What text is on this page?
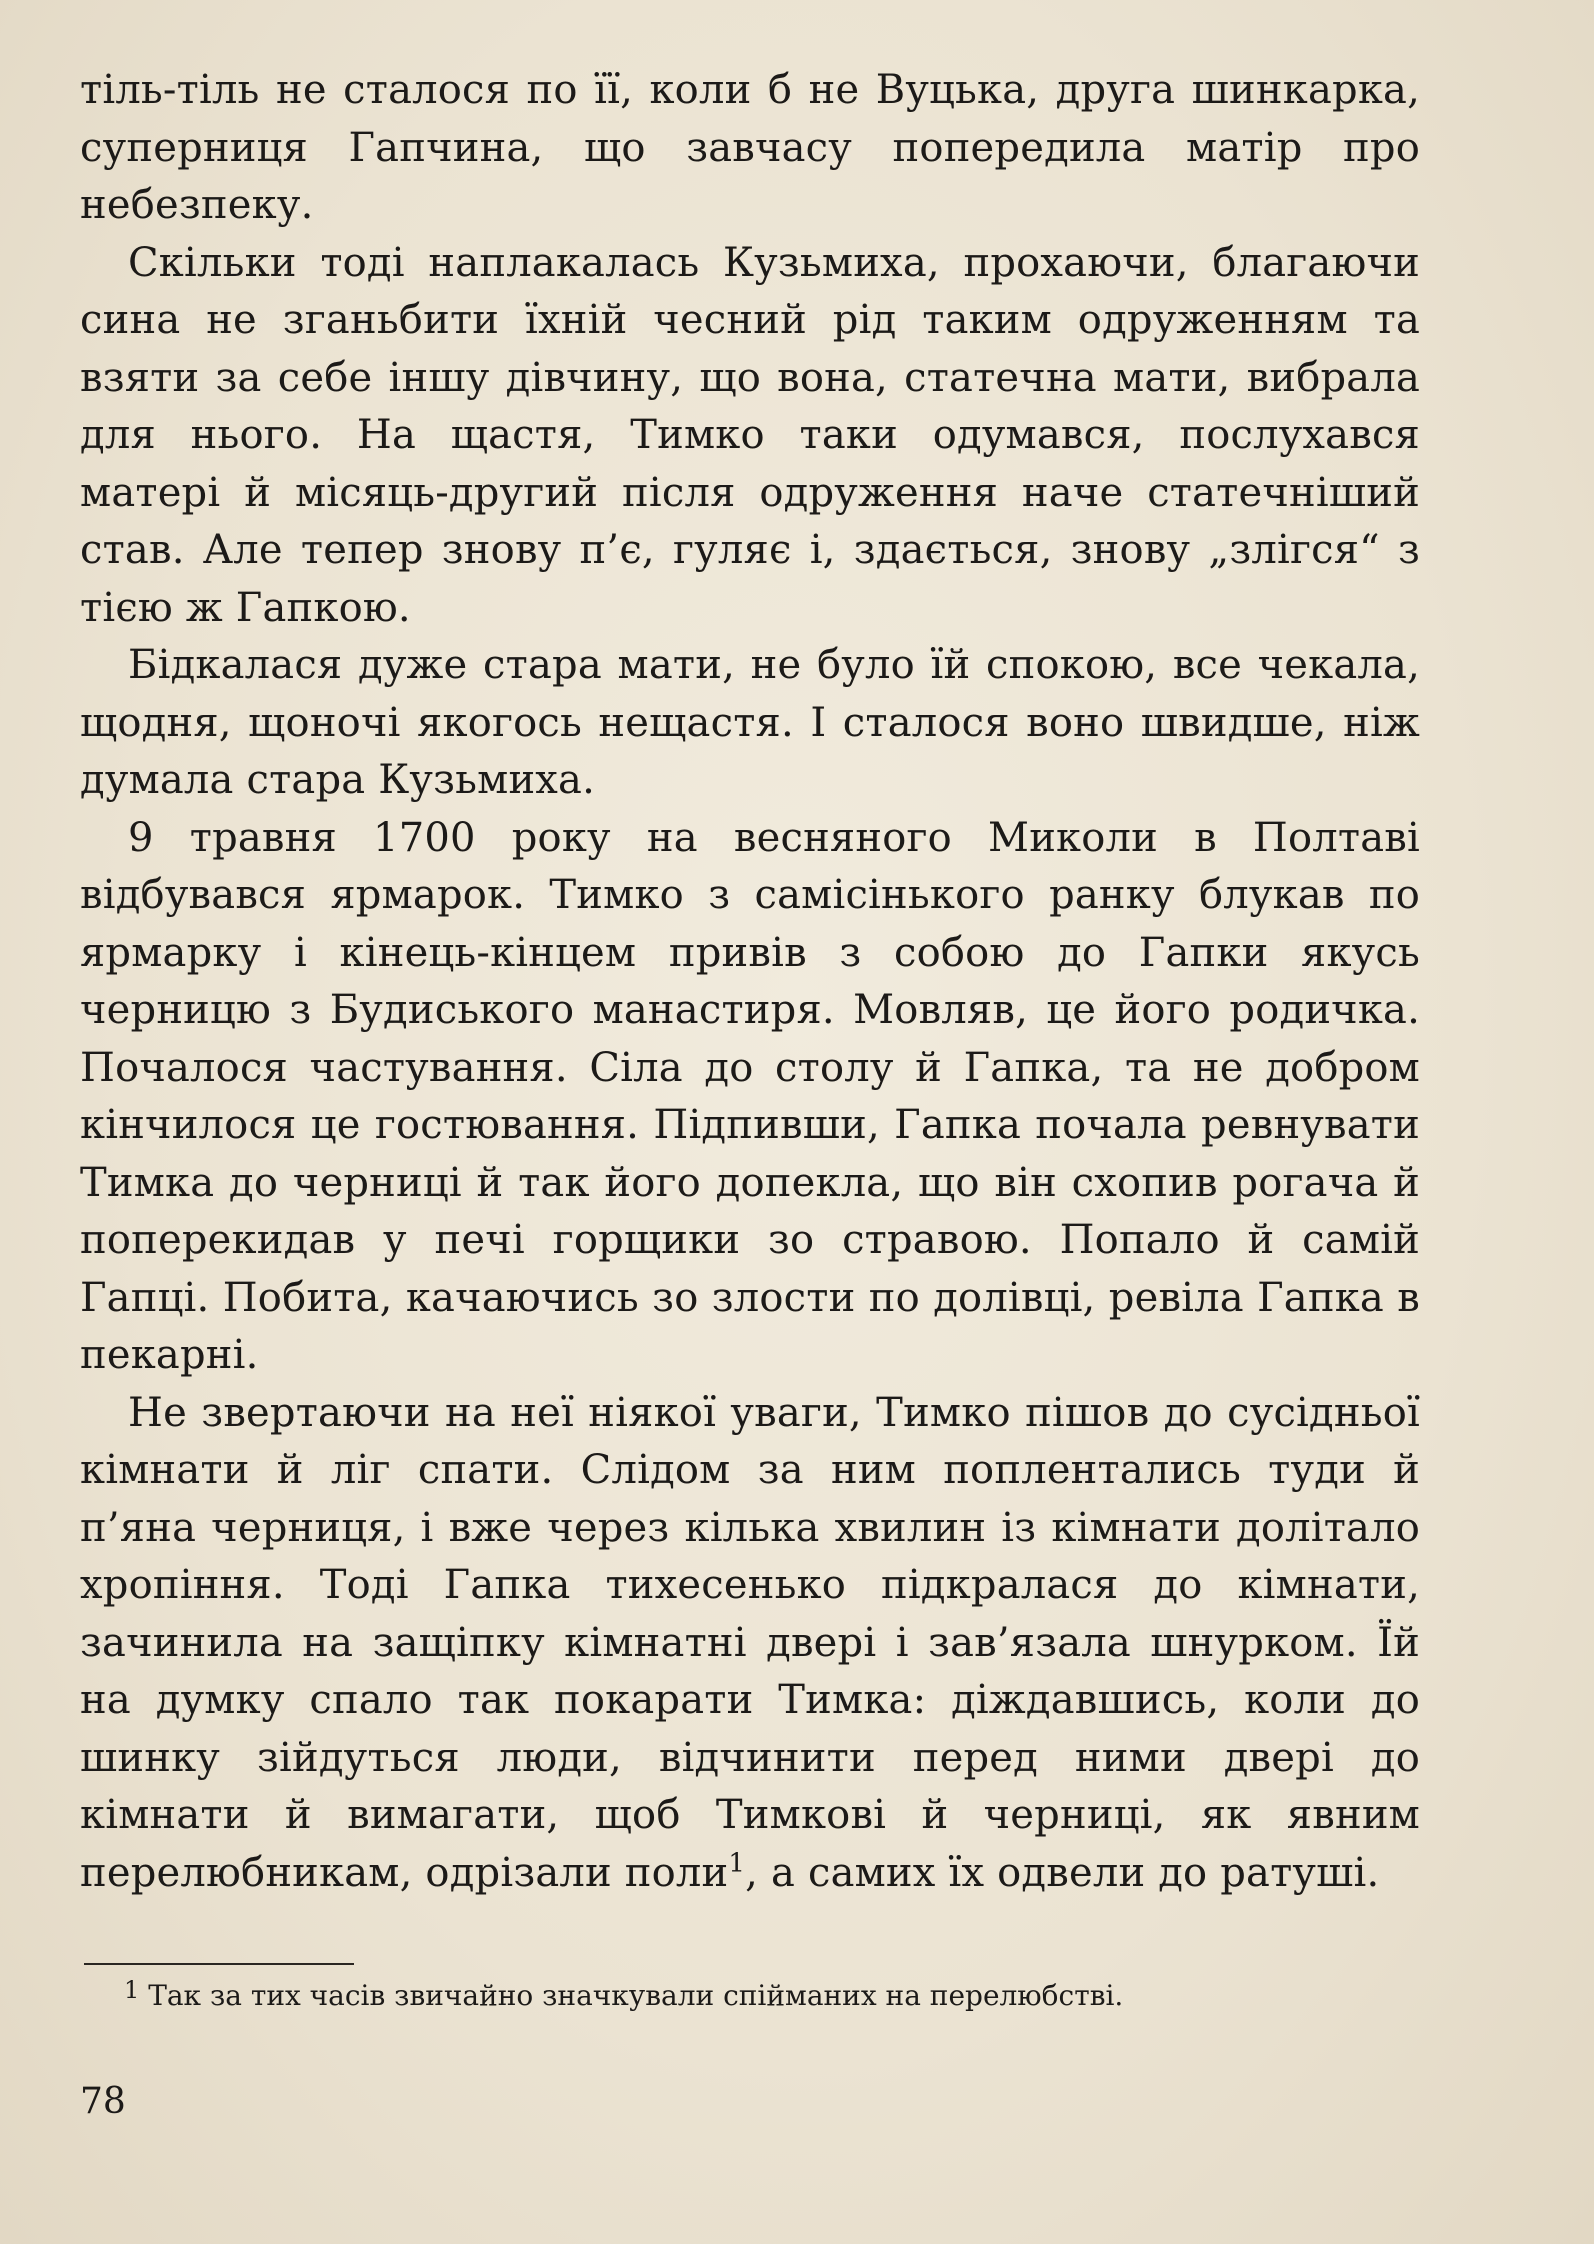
тіль-тіль не сталося по її, коли б не Вуцька, друга шинкарка, суперниця Гапчина, що завчасу попередила матір про небезпеку.

Скільки тоді наплакалась Кузьмиха, прохаючи, благаючи сина не зганьбити їхній чесний рід таким одруженням та взяти за себе іншу дівчину, що вона, статечна мати, вибрала для нього. На щастя, Тимко таки одумався, послухався матері й місяць-другий після одруження наче статечніший став. Але тепер знову п’є, гуляє і, здається, знову „злігся“ з тією ж Гапкою.

Бідкалася дуже стара мати, не було їй спокою, все чекала, щодня, щоночі якогось нещастя. І сталося воно швидше, ніж думала стара Кузьмиха.

9 травня 1700 року на весняного Миколи в Полтаві відбувався ярмарок. Тимко з самісінького ранку блукав по ярмарку і кінець-кінцем привів з собою до Гапки якусь черницю з Будиського манастиря. Мовляв, це його родичка. Почалося частування. Сіла до столу й Гапка, та не добром кінчилося це гостювання. Підпивши, Гапка почала ревнувати Тимка до черниці й так його допекла, що він схопив рогача й поперекидав у печі горщики зо стравою. Попало й самій Гапці. Побита, качаючись зо злости по долівці, ревіла Гапка в пекарні.

Не звертаючи на неї ніякої уваги, Тимко пішов до сусідньої кімнати й ліг спати. Слідом за ним поплентались туди й п’яна черниця, і вже через кілька хвилин із кімнати долітало хропіння. Тоді Гапка тихесенько підкралася до кімнати, зачинила на защіпку кімнатні двері і зав’язала шнурком. Їй на думку спало так покарати Тимка: діждавшись, коли до шинку зійдуться люди, відчинити перед ними двері до кімнати й вимагати, щоб Тимкові й черниці, як явним перелюбникам, одрізали поли$^1$, а самих їх одвели до ратуші.

1 Так за тих часів звичайно значкували спійманих на перелюбстві.

78
